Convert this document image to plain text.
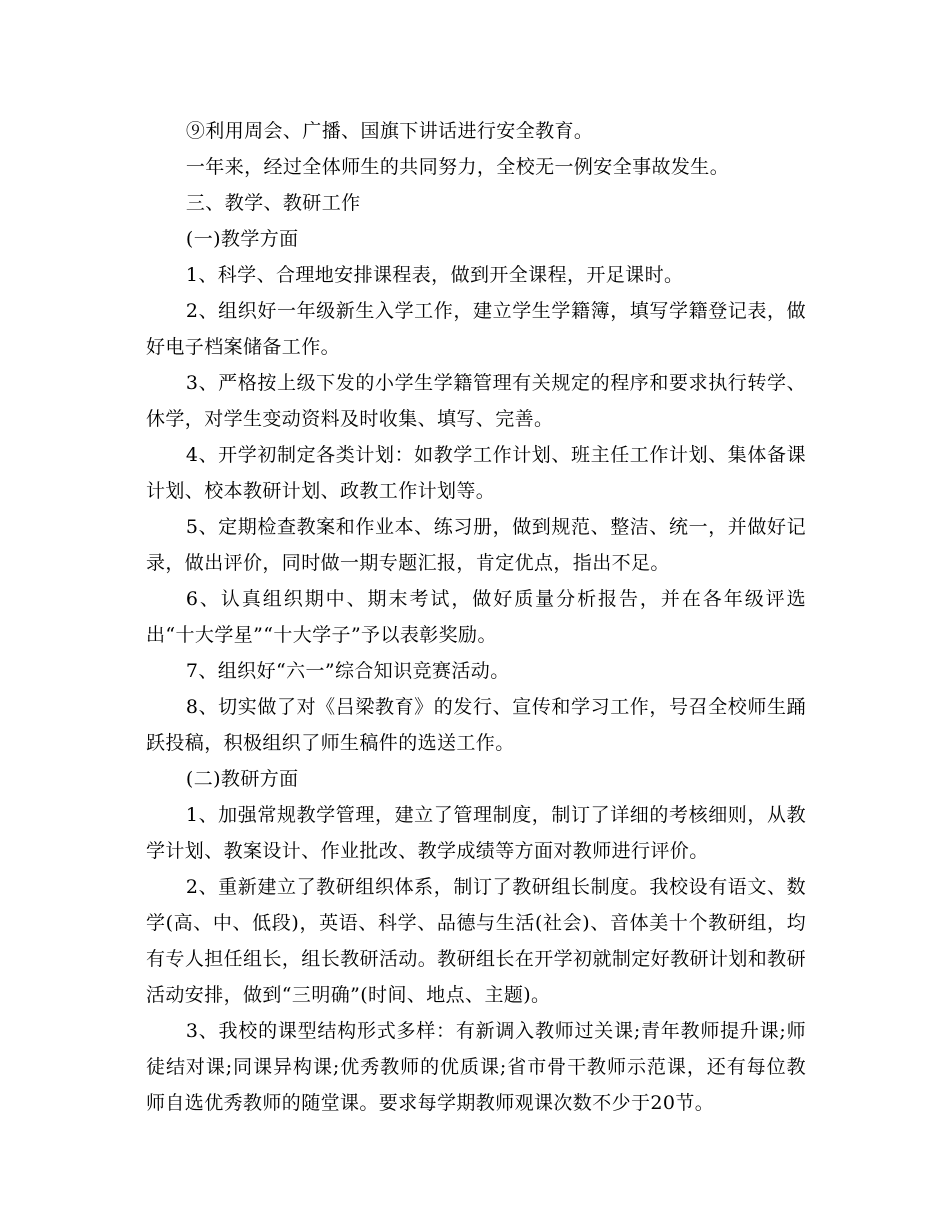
⑨利用周会、广播、国旗下讲话进行安全教育。

一年来，经过全体师生的共同努力，全校无一例安全事故发生。

三、教学、教研工作

(一)教学方面

1、科学、合理地安排课程表，做到开全课程，开足课时。

2、组织好一年级新生入学工作，建立学生学籍簿，填写学籍登记表，做好电子档案储备工作。

3、严格按上级下发的小学生学籍管理有关规定的程序和要求执行转学、休学，对学生变动资料及时收集、填写、完善。

4、开学初制定各类计划：如教学工作计划、班主任工作计划、集体备课计划、校本教研计划、政教工作计划等。

5、定期检查教案和作业本、练习册，做到规范、整洁、统一，并做好记录，做出评价，同时做一期专题汇报，肯定优点，指出不足。

6、认真组织期中、期末考试，做好质量分析报告，并在各年级评选出“十大学星”“十大学子”予以表彰奖励。

7、组织好“六一”综合知识竞赛活动。

8、切实做了对《吕梁教育》的发行、宣传和学习工作，号召全校师生踊跃投稿，积极组织了师生稿件的选送工作。

(二)教研方面

1、加强常规教学管理，建立了管理制度，制订了详细的考核细则，从教学计划、教案设计、作业批改、教学成绩等方面对教师进行评价。

2、重新建立了教研组织体系，制订了教研组长制度。我校设有语文、数学(高、中、低段)，英语、科学、品德与生活(社会)、音体美十个教研组，均有专人担任组长，组长教研活动。教研组长在开学初就制定好教研计划和教研活动安排，做到“三明确”(时间、地点、主题)。

3、我校的课型结构形式多样：有新调入教师过关课;青年教师提升课;师徒结对课;同课异构课;优秀教师的优质课;省市骨干教师示范课，还有每位教师自选优秀教师的随堂课。要求每学期教师观课次数不少于20节。
